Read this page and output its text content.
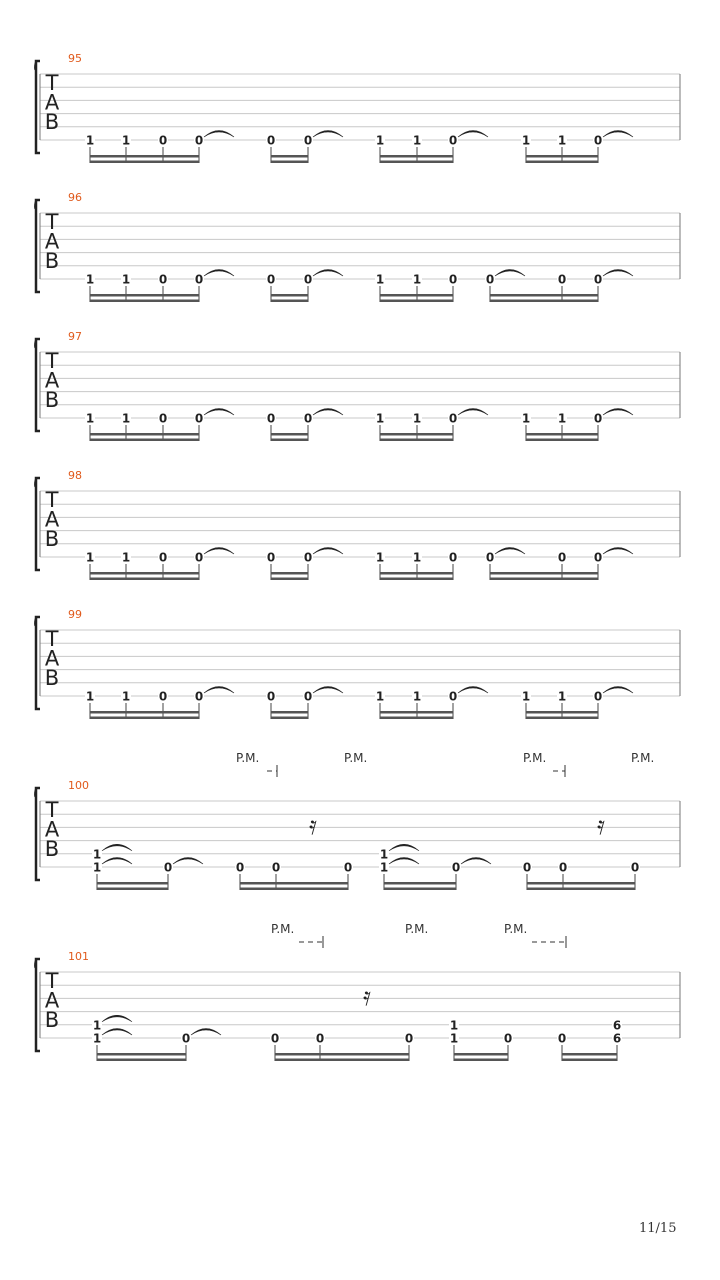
T
A
B
95
1 1 0 0	0 0	1 1 0	1 1 0
T
A
B
96
1 1 0 0	0 0	1 1 0 0	0 0
T
A
B
97
1 1 0 0	0 0	1 1 0	1 1 0
T
A
B
98
1 1 0 0	0 0	1 1 0 0	0 0
T
A
B
99
1 1 0 0	0 0	1 1 0	1 1 0
T
A
B
100
P.M.	P.M.	P.M.	P.M.
𝄿	𝄿
1
1	0	0 0	0
1
1	0	0 0	0
T
A
B
101
P.M.	P.M.	P.M.
𝄿
1
1	0	0	0	0
1
1	0	0
6
6
11/15
